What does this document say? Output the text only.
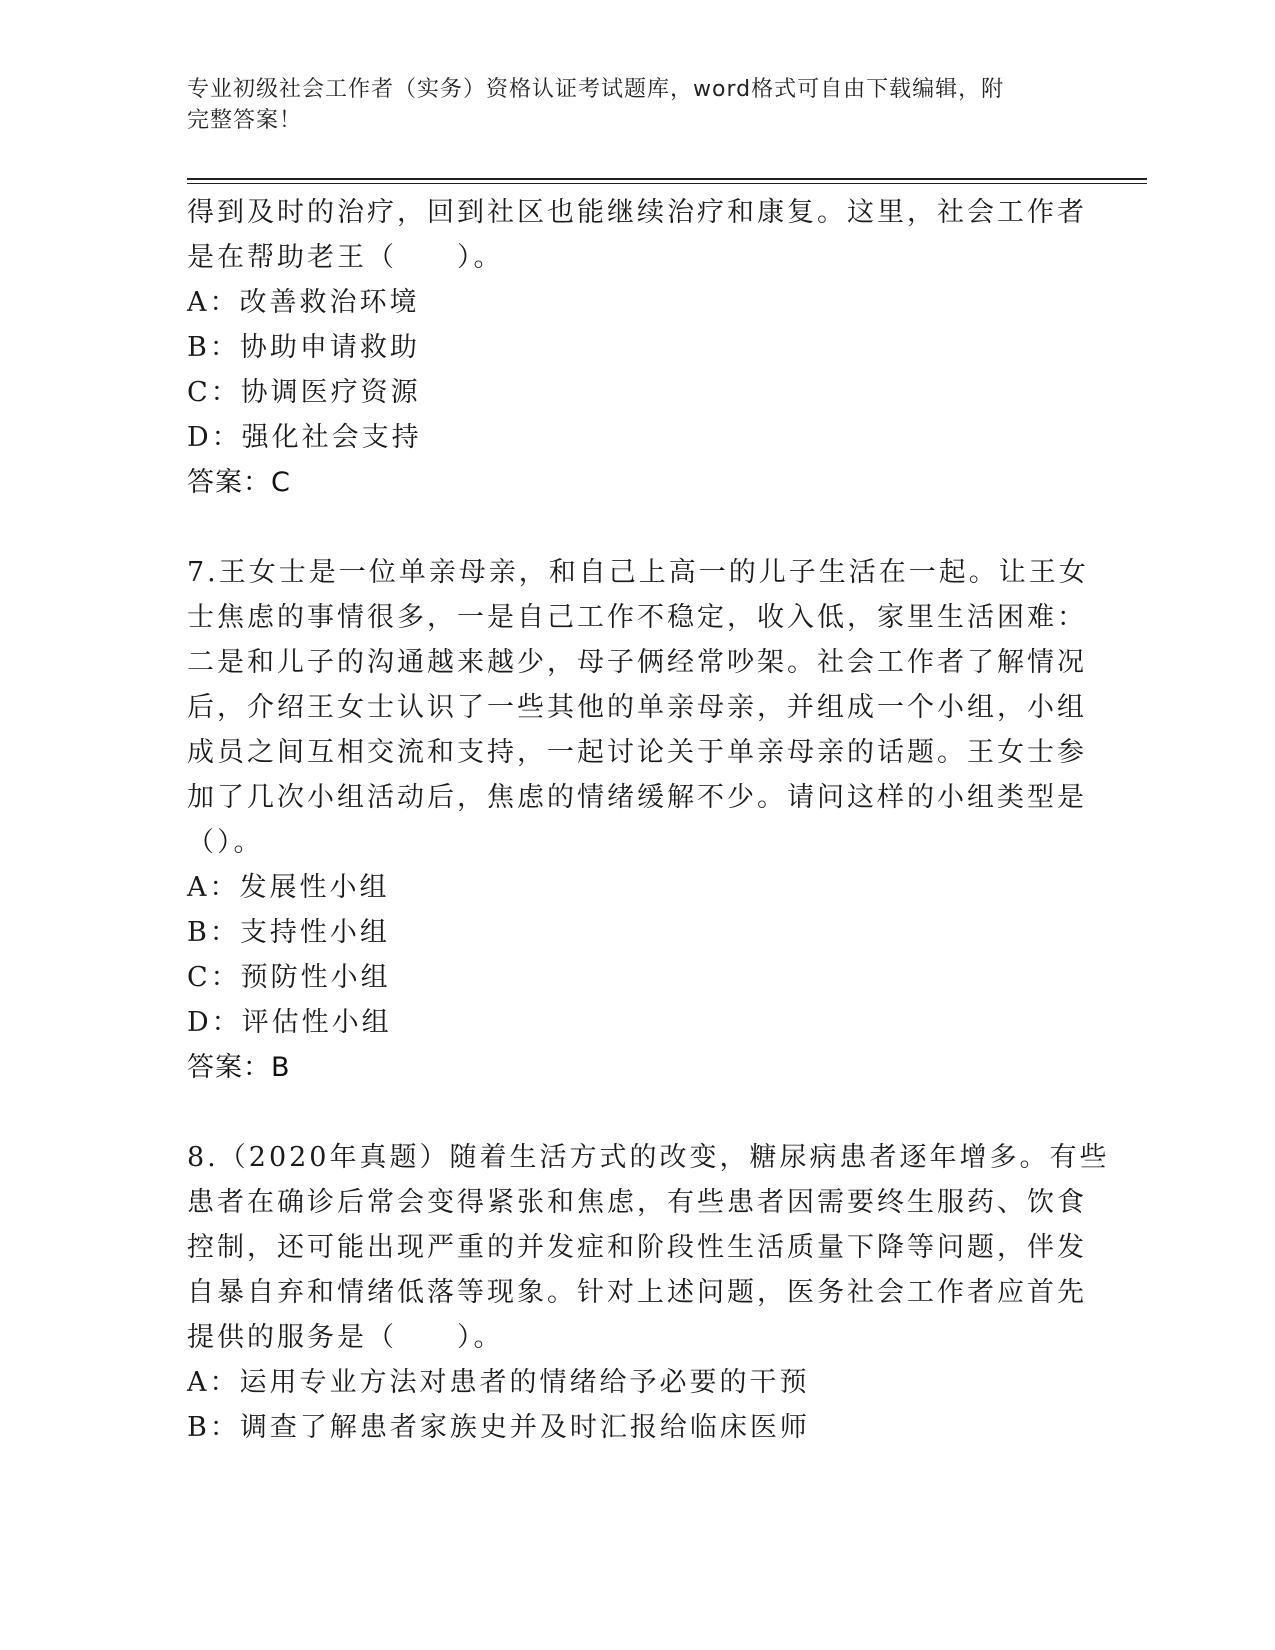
专业初级社会工作者（实务）资格认证考试题库，word格式可自由下载编辑，附
完整答案！
得到及时的治疗，回到社区也能继续治疗和康复。这里，社会工作者
是在帮助老王（　　）。
A：改善救治环境
B：协助申请救助
C：协调医疗资源
D：强化社会支持
答案：C
7.王女士是一位单亲母亲，和自己上高一的儿子生活在一起。让王女
士焦虑的事情很多，一是自己工作不稳定，收入低，家里生活困难：
二是和儿子的沟通越来越少，母子俩经常吵架。社会工作者了解情况
后，介绍王女士认识了一些其他的单亲母亲，并组成一个小组，小组
成员之间互相交流和支持，一起讨论关于单亲母亲的话题。王女士参
加了几次小组活动后，焦虑的情绪缓解不少。请问这样的小组类型是
（）。
A：发展性小组
B：支持性小组
C：预防性小组
D：评估性小组
答案：B
8.（2020年真题）随着生活方式的改变，糖尿病患者逐年增多。有些
患者在确诊后常会变得紧张和焦虑，有些患者因需要终生服药、饮食
控制，还可能出现严重的并发症和阶段性生活质量下降等问题，伴发
自暴自弃和情绪低落等现象。针对上述问题，医务社会工作者应首先
提供的服务是（　　）。
A：运用专业方法对患者的情绪给予必要的干预
B：调查了解患者家族史并及时汇报给临床医师
